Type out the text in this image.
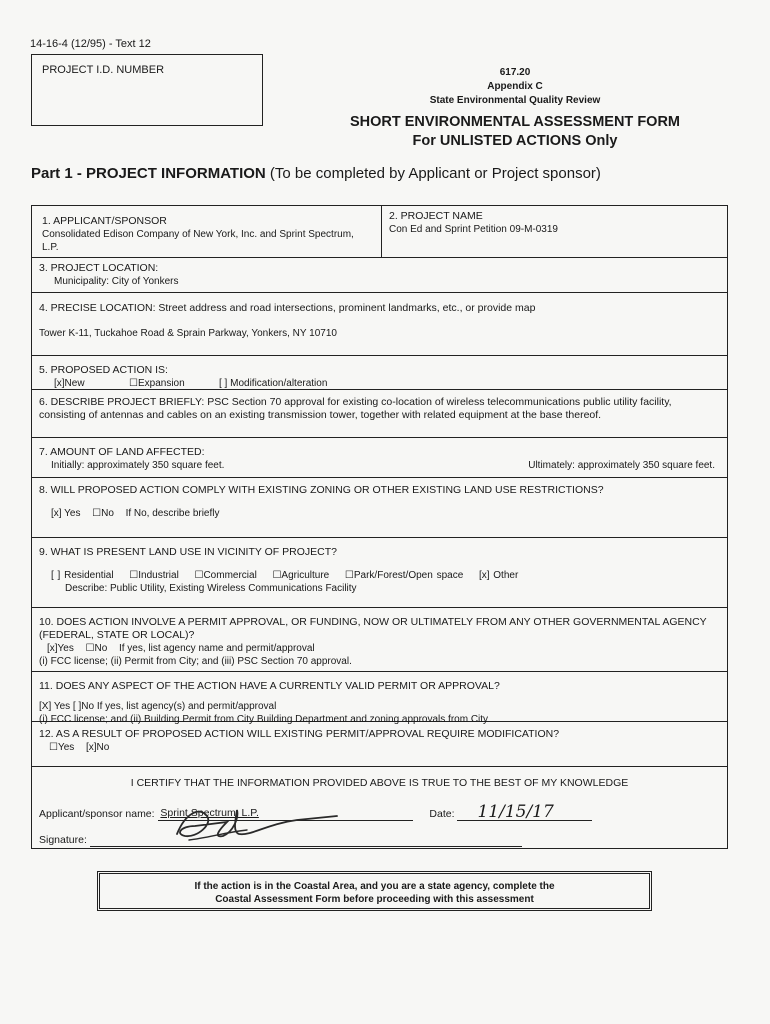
14-16-4 (12/95) - Text 12
PROJECT I.D. NUMBER	617.20
Appendix C
State Environmental Quality Review
SHORT ENVIRONMENTAL ASSESSMENT FORM
For UNLISTED ACTIONS Only
Part 1 - PROJECT INFORMATION (To be completed by Applicant or Project sponsor)
1. APPLICANT/SPONSOR
Consolidated Edison Company of New York, Inc. and Sprint Spectrum, L.P.
2. PROJECT NAME
Con Ed and Sprint Petition 09-M-0319
3. PROJECT LOCATION:
Municipality: City of Yonkers
4. PRECISE LOCATION: Street address and road intersections, prominent landmarks, etc., or provide map
Tower K-11, Tuckahoe Road & Sprain Parkway, Yonkers, NY 10710
5. PROPOSED ACTION IS:
[x]New	☐Expansion	[ ] Modification/alteration
6. DESCRIBE PROJECT BRIEFLY: PSC Section 70 approval for existing co-location of wireless telecommunications public utility facility, consisting of antennas and cables on an existing transmission tower, together with related equipment at the base thereof.
7. AMOUNT OF LAND AFFECTED:
Initially: approximately 350 square feet.	Ultimately: approximately 350 square feet.
8. WILL PROPOSED ACTION COMPLY WITH EXISTING ZONING OR OTHER EXISTING LAND USE RESTRICTIONS?
[x] Yes ☐No If No, describe briefly
9. WHAT IS PRESENT LAND USE IN VICINITY OF PROJECT?
[ ] Residential ☐Industrial ☐Commercial ☐Agriculture ☐Park/Forest/Open space [x] Other
Describe: Public Utility, Existing Wireless Communications Facility
10. DOES ACTION INVOLVE A PERMIT APPROVAL, OR FUNDING, NOW OR ULTIMATELY FROM ANY OTHER GOVERNMENTAL AGENCY (FEDERAL, STATE OR LOCAL)?
[x]Yes ☐No If yes, list agency name and permit/approval
(i) FCC license; (ii) Permit from City; and (iii) PSC Section 70 approval.
11. DOES ANY ASPECT OF THE ACTION HAVE A CURRENTLY VALID PERMIT OR APPROVAL?
[X] Yes [ ]No If yes, list agency(s) and permit/approval
(i) FCC license; and (ii) Building Permit from City Building Department and zoning approvals from City
12. AS A RESULT OF PROPOSED ACTION WILL EXISTING PERMIT/APPROVAL REQUIRE MODIFICATION?
☐Yes [x]No
I CERTIFY THAT THE INFORMATION PROVIDED ABOVE IS TRUE TO THE BEST OF MY KNOWLEDGE
Applicant/sponsor name: Sprint Spectrum, L.P.	Date: 11/15/17
Signature:
If the action is in the Coastal Area, and you are a state agency, complete the
Coastal Assessment Form before proceeding with this assessment
